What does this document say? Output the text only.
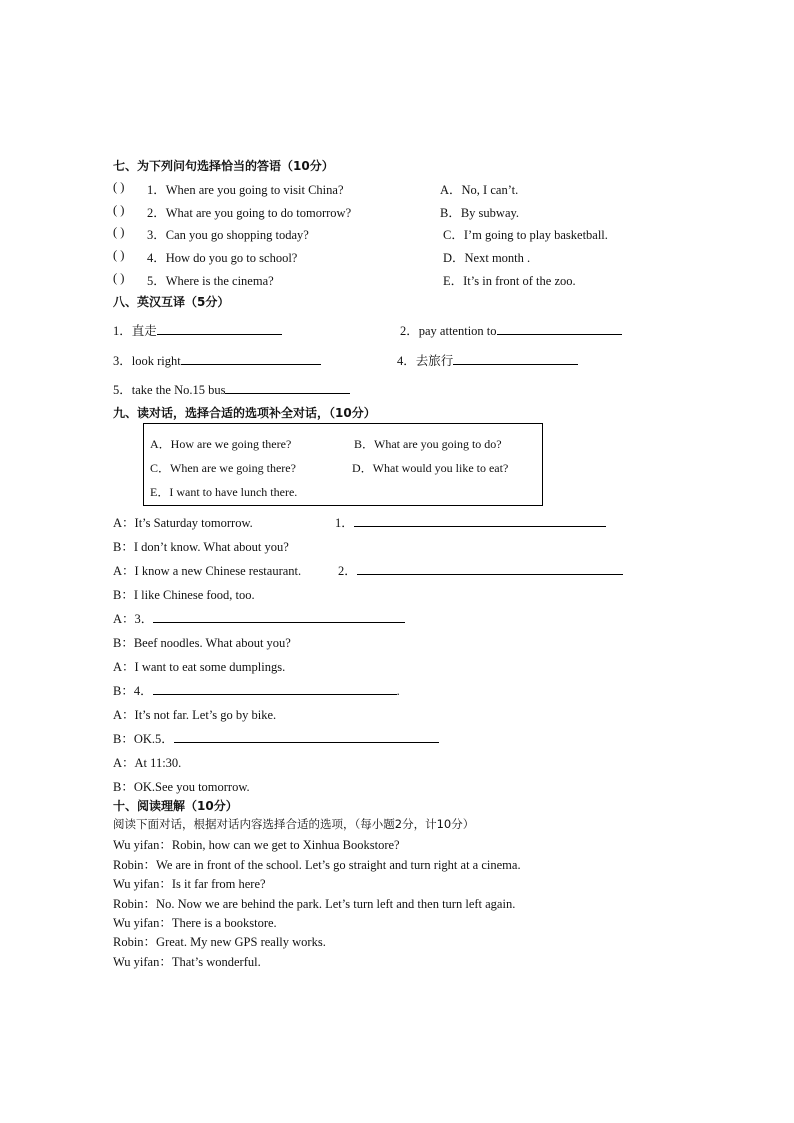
七、为下列问句选择恰当的答语（10分）
( ) 1．When are you going to visit China?	A．No, I can’t.
( ) 2．What are you going to do tomorrow?	B．By subway.
( ) 3．Can you go shopping today?	C．I’m going to play basketball.
( ) 4．How do you go to school?	D．Next month .
( ) 5．Where is the cinema?	E．It’s in front of the zoo.
八、英汉互译（5分）
1．直走	2．pay attention to
3．look right	4．去旅行
5．take the No.15 bus
九、读对话，选择合适的选项补全对话，（10分）
A．How are we going there?	B．What are you going to do?
C．When are we going there?	D．What would you like to eat?
E．I want to have lunch there.
A：It’s Saturday tomorrow.	1．
B：I don’t know. What about you?
A：I know a new Chinese restaurant.	2．
B：I like Chinese food, too.
A：3．
B：Beef noodles. What about you?
A：I want to eat some dumplings.
B：4．	.
A：It’s not far. Let’s go by bike.
B：OK.5．
A：At 11:30.
B：OK.See you tomorrow.
十、阅读理解（10分）
阅读下面对话，根据对话内容选择合适的选项，（每小题2分，计10分）
Wu yifan：Robin, how can we get to Xinhua Bookstore?
Robin：We are in front of the school. Let’s go straight and turn right at a cinema.
Wu yifan：Is it far from here?
Robin：No. Now we are behind the park. Let’s turn left and then turn left again.
Wu yifan：There is a bookstore.
Robin：Great. My new GPS really works.
Wu yifan：That’s wonderful.
